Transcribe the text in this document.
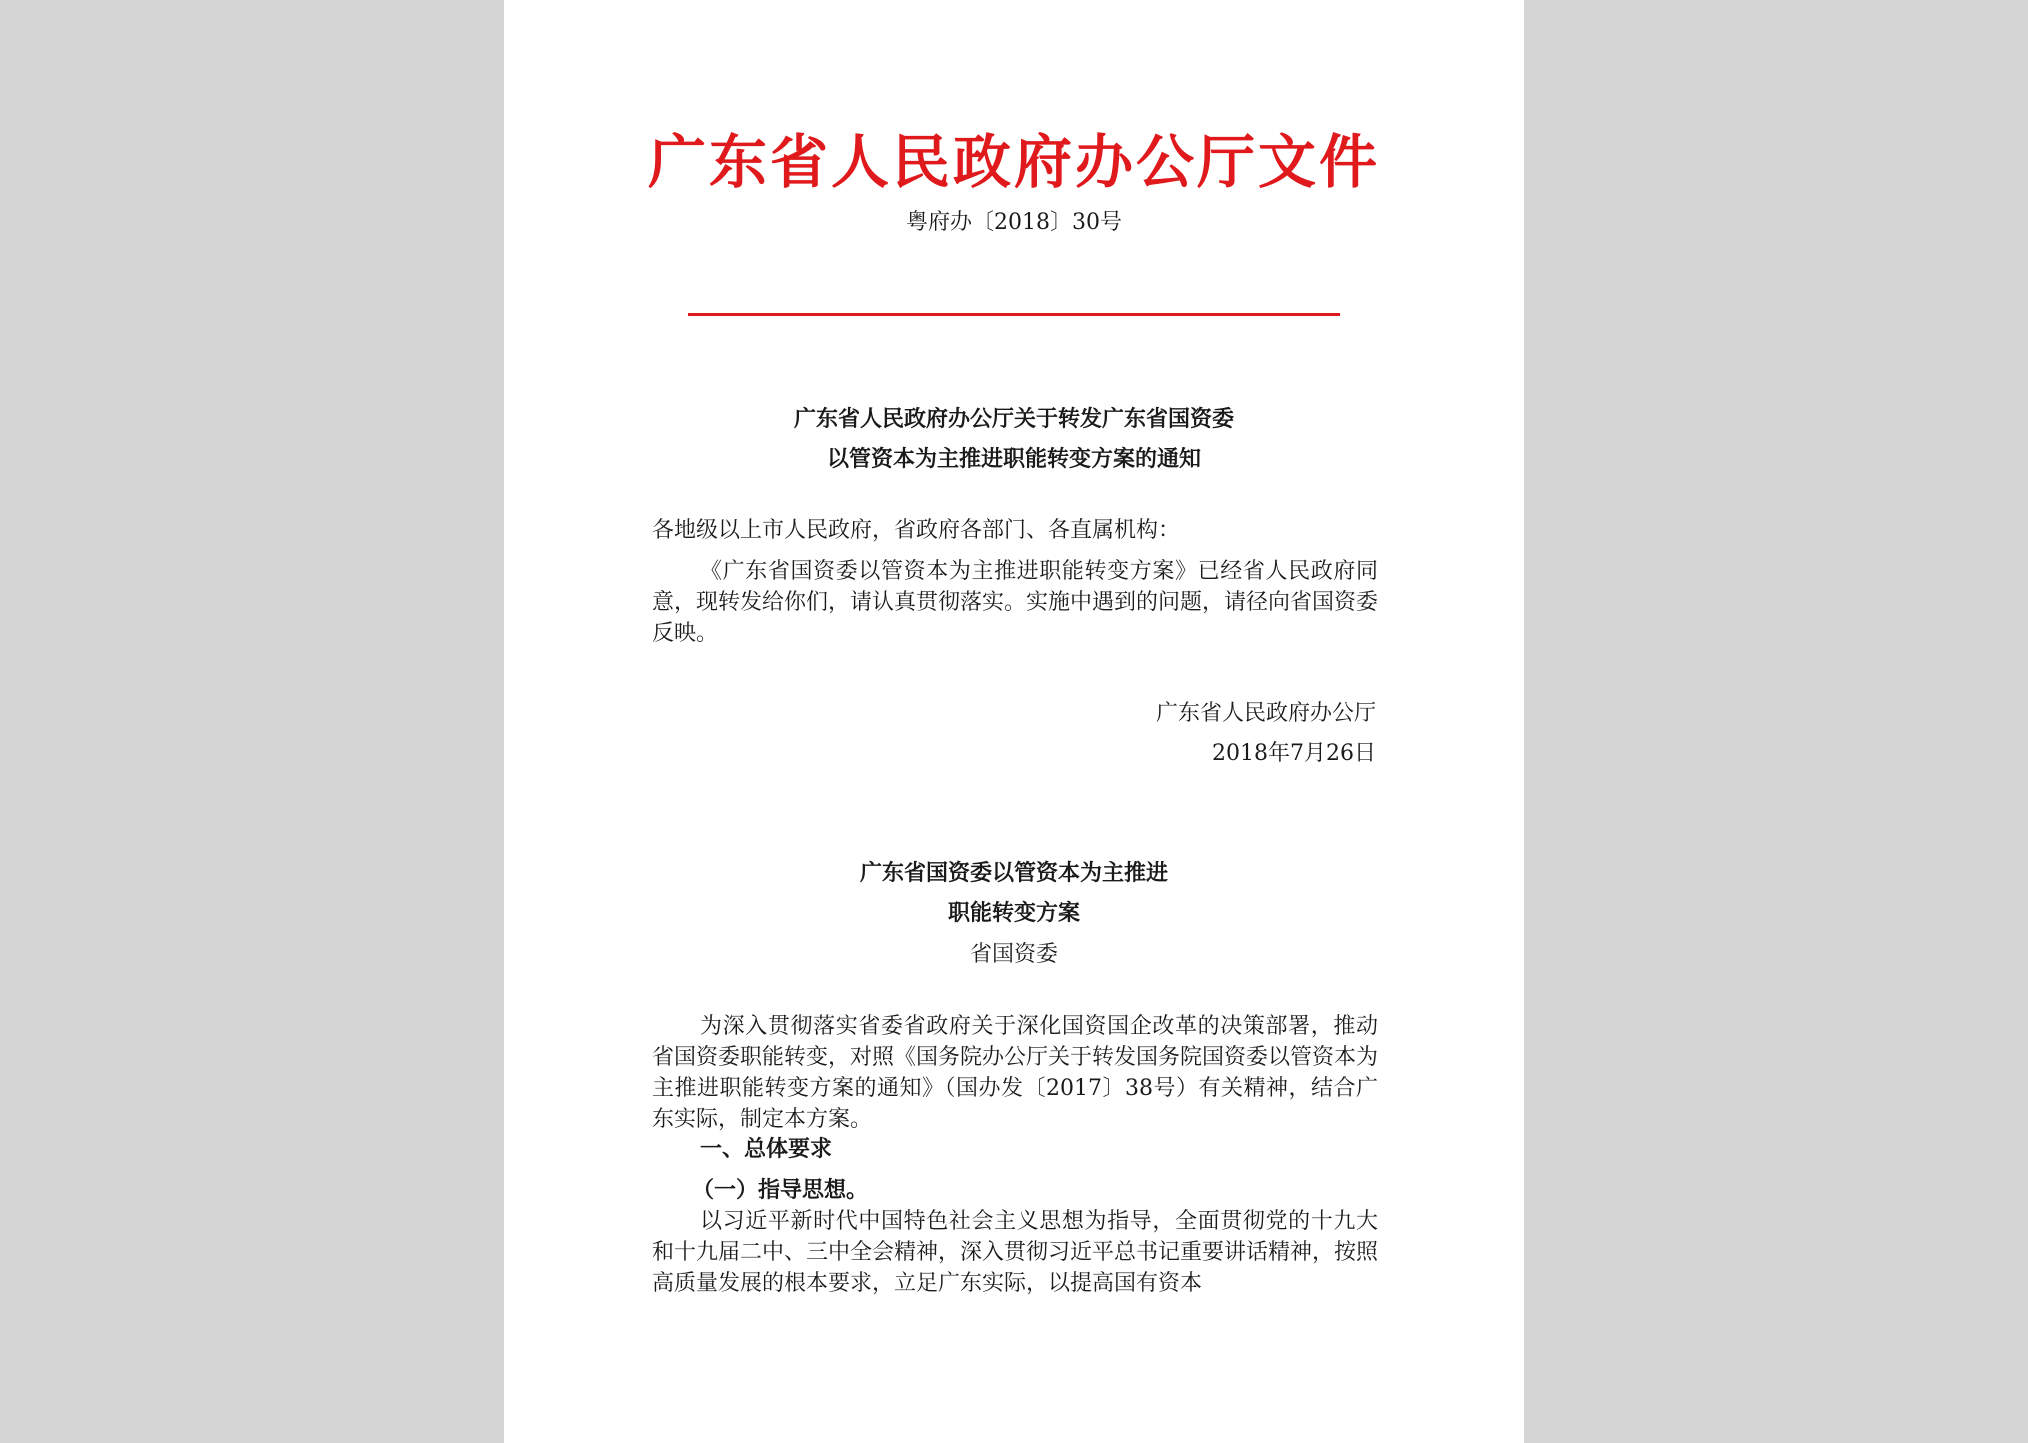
广东省人民政府办公厅文件
粤府办〔2018〕30号
广东省人民政府办公厅关于转发广东省国资委
以管资本为主推进职能转变方案的通知
各地级以上市人民政府，省政府各部门、各直属机构：
《广东省国资委以管资本为主推进职能转变方案》已经省人民政府同意，现转发给你们，请认真贯彻落实。实施中遇到的问题，请径向省国资委反映。
广东省人民政府办公厅
2018年7月26日
广东省国资委以管资本为主推进
职能转变方案
省国资委
为深入贯彻落实省委省政府关于深化国资国企改革的决策部署，推动省国资委职能转变，对照《国务院办公厅关于转发国务院国资委以管资本为主推进职能转变方案的通知》（国办发〔2017〕38号）有关精神，结合广东实际，制定本方案。
一、总体要求
（一）指导思想。
以习近平新时代中国特色社会主义思想为指导，全面贯彻党的十九大和十九届二中、三中全会精神，深入贯彻习近平总书记重要讲话精神，按照高质量发展的根本要求，立足广东实际，以提高国有资本
